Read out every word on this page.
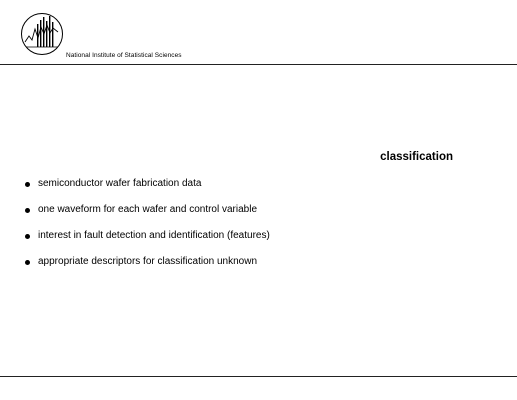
National Institute of Statistical Sciences
classification
semiconductor wafer fabrication data
one waveform for each wafer and control variable
interest in fault detection and identification (features)
appropriate descriptors for classification unknown
